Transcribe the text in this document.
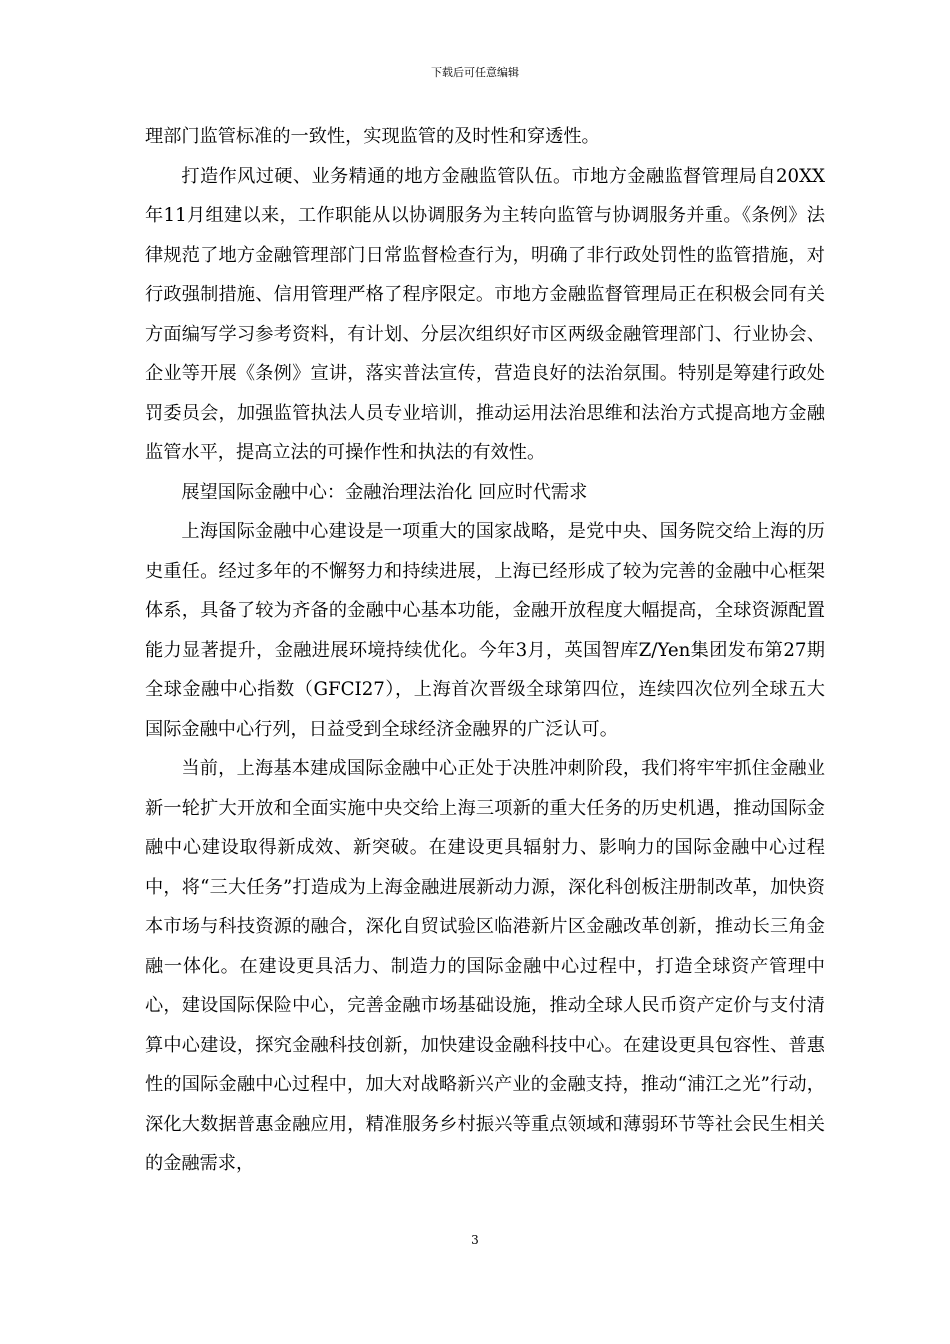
下载后可任意编辑

理部门监管标准的一致性，实现监管的及时性和穿透性。

打造作风过硬、业务精通的地方金融监管队伍。市地方金融监督管理局自20XX年11月组建以来，工作职能从以协调服务为主转向监管与协调服务并重。《条例》法律规范了地方金融管理部门日常监督检查行为，明确了非行政处罚性的监管措施，对行政强制措施、信用管理严格了程序限定。市地方金融监督管理局正在积极会同有关方面编写学习参考资料，有计划、分层次组织好市区两级金融管理部门、行业协会、企业等开展《条例》宣讲，落实普法宣传，营造良好的法治氛围。特别是筹建行政处罚委员会，加强监管执法人员专业培训，推动运用法治思维和法治方式提高地方金融监管水平，提高立法的可操作性和执法的有效性。

展望国际金融中心：金融治理法治化 回应时代需求

上海国际金融中心建设是一项重大的国家战略，是党中央、国务院交给上海的历史重任。经过多年的不懈努力和持续进展，上海已经形成了较为完善的金融中心框架体系，具备了较为齐备的金融中心基本功能，金融开放程度大幅提高，全球资源配置能力显著提升，金融进展环境持续优化。今年3月，英国智库Z/Yen集团发布第27期全球金融中心指数（GFCI27），上海首次晋级全球第四位，连续四次位列全球五大国际金融中心行列，日益受到全球经济金融界的广泛认可。

当前，上海基本建成国际金融中心正处于决胜冲刺阶段，我们将牢牢抓住金融业新一轮扩大开放和全面实施中央交给上海三项新的重大任务的历史机遇，推动国际金融中心建设取得新成效、新突破。在建设更具辐射力、影响力的国际金融中心过程中，将“三大任务”打造成为上海金融进展新动力源，深化科创板注册制改革，加快资本市场与科技资源的融合，深化自贸试验区临港新片区金融改革创新，推动长三角金融一体化。在建设更具活力、制造力的国际金融中心过程中，打造全球资产管理中心，建设国际保险中心，完善金融市场基础设施，推动全球人民币资产定价与支付清算中心建设，探究金融科技创新，加快建设金融科技中心。在建设更具包容性、普惠性的国际金融中心过程中，加大对战略新兴产业的金融支持，推动“浦江之光”行动，深化大数据普惠金融应用，精准服务乡村振兴等重点领域和薄弱环节等社会民生相关的金融需求，

3
